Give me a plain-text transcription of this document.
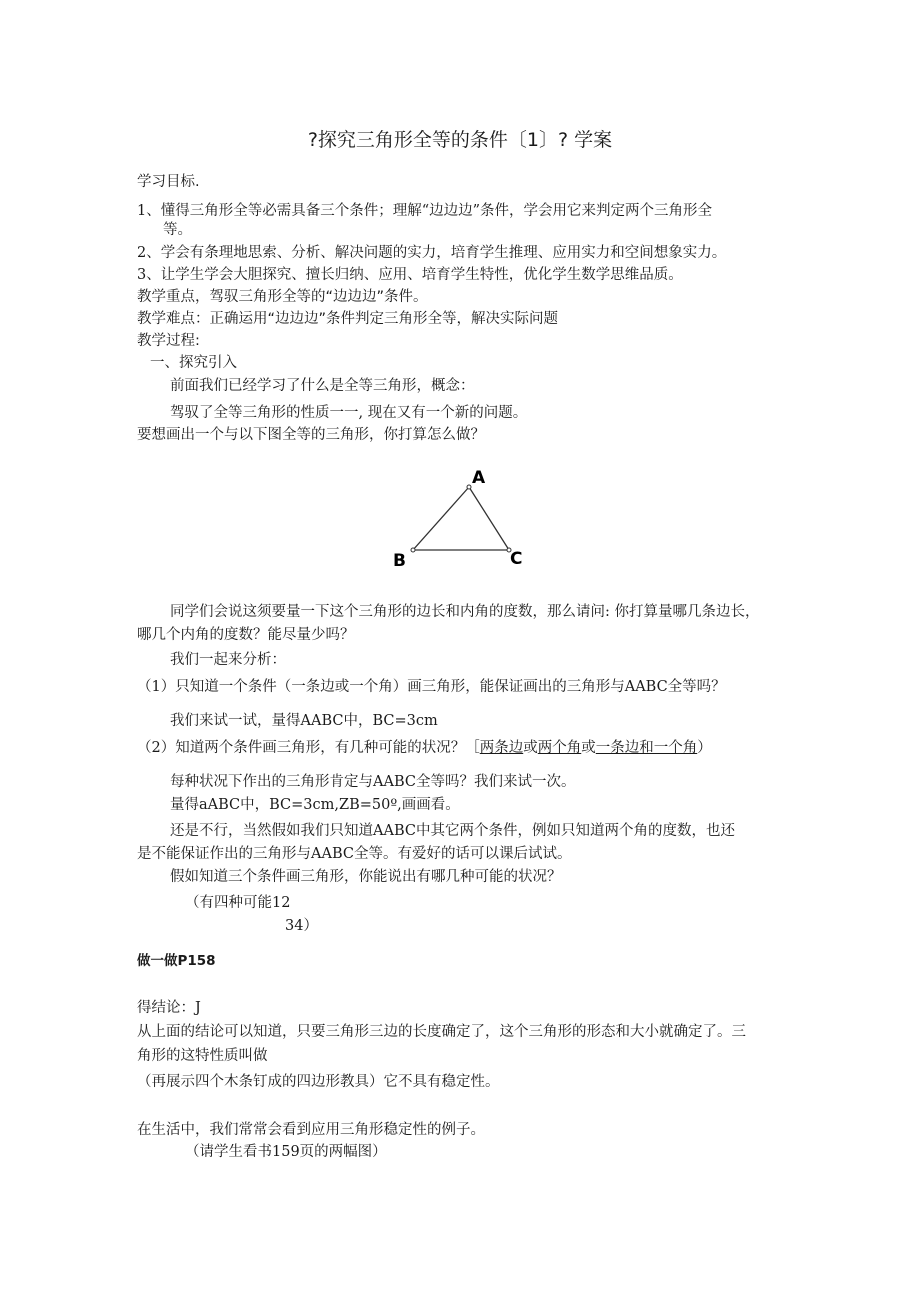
?探究三角形全等的条件〔1〕? 学案
学习目标.
1、懂得三角形全等必需具备三个条件；理解“边边边”条件，学会用它来判定两个三角形全
等。
2、学会有条理地思索、分析、解决问题的实力，培育学生推理、应用实力和空间想象实力。
3、让学生学会大胆探究、擅长归纳、应用、培育学生特性，优化学生数学思维品质。
教学重点，驾驭三角形全等的“边边边”条件。
教学难点：正确运用“边边边”条件判定三角形全等，解决实际问题
教学过程:
一、探究引入
前面我们已经学习了什么是全等三角形，概念：
驾驭了全等三角形的性质一一, 现在又有一个新的问题。
要想画出一个与以下图全等的三角形，你打算怎么做？
A
B	C
同学们会说这须要量一下这个三角形的边长和内角的度数，那么请问: 你打算量哪几条边长，
哪几个内角的度数？能尽量少吗？
我们一起来分析：
（1）只知道一个条件（一条边或一个角）画三角形，能保证画出的三角形与AABC全等吗？
我们来试一试，量得AABC中，BC=3cm
（2）知道两个条件画三角形，有几种可能的状况？［两条边或两个角或一条边和一个角）
每种状况下作出的三角形肯定与AABC全等吗？我们来试一次。
量得aABC中，BC=3cm,ZB=50º,画画看。
还是不行，当然假如我们只知道AABC中其它两个条件，例如只知道两个角的度数，也还
是不能保证作出的三角形与AABC全等。有爱好的话可以课后试试。
假如知道三个条件画三角形，你能说出有哪几种可能的状况？
（有四种可能12
34）
做一做P158
得结论：J
从上面的结论可以知道，只要三角形三边的长度确定了，这个三角形的形态和大小就确定了。三
角形的这特性质叫做
（再展示四个木条钉成的四边形教具）它不具有稳定性。
在生活中，我们常常会看到应用三角形稳定性的例子。
（请学生看书159页的两幅图）
